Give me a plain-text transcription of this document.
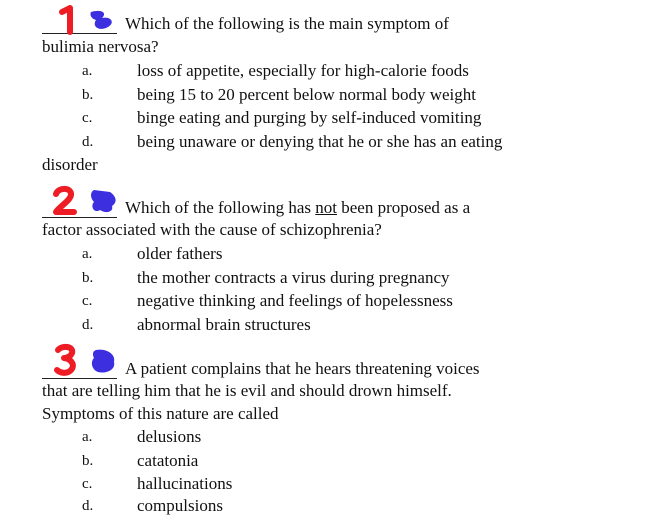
Which of the following is the main symptom of
bulimia nervosa?
a.	loss of appetite, especially for high-calorie foods
b.	being 15 to 20 percent below normal body weight
c.	binge eating and purging by self-induced vomiting
d.	being unaware or denying that he or she has an eating
disorder
Which of the following has not been proposed as a
factor associated with the cause of schizophrenia?
a.	older fathers
b.	the mother contracts a virus during pregnancy
c.	negative thinking and feelings of hopelessness
d.	abnormal brain structures
A patient complains that he hears threatening voices
that are telling him that he is evil and should drown himself.
Symptoms of this nature are called
a.	delusions
b.	catatonia
c.	hallucinations
d.	compulsions
